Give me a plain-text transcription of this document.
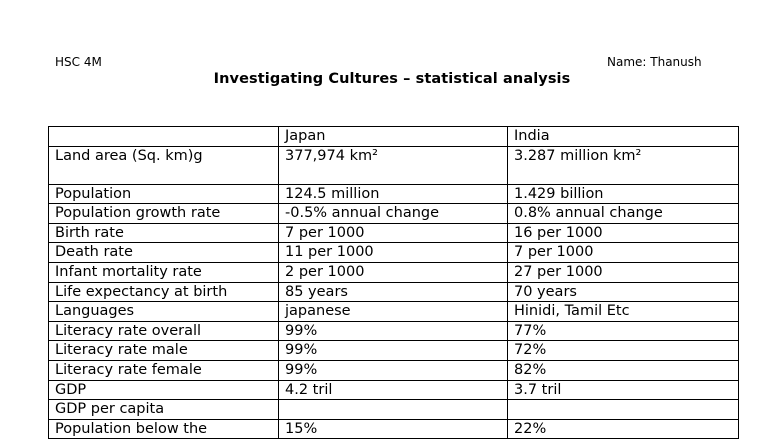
HSC 4M	Name: Thanush
Investigating Cultures – statistical analysis
	Japan	India
Land area (Sq. km)g	377,974 km²	3.287 million km²
Population	124.5 million	1.429 billion
Population growth rate	-0.5% annual change	0.8% annual change
Birth rate	7 per 1000	16 per 1000
Death rate	11 per 1000	7 per 1000
Infant mortality rate	2 per 1000	27 per 1000
Life expectancy at birth	85 years	70 years
Languages	japanese	Hinidi, Tamil Etc
Literacy rate overall	99%	77%
Literacy rate male	99%	72%
Literacy rate female	99%	82%
GDP	4.2 tril	3.7 tril
GDP per capita		
Population below the	15%	22%
